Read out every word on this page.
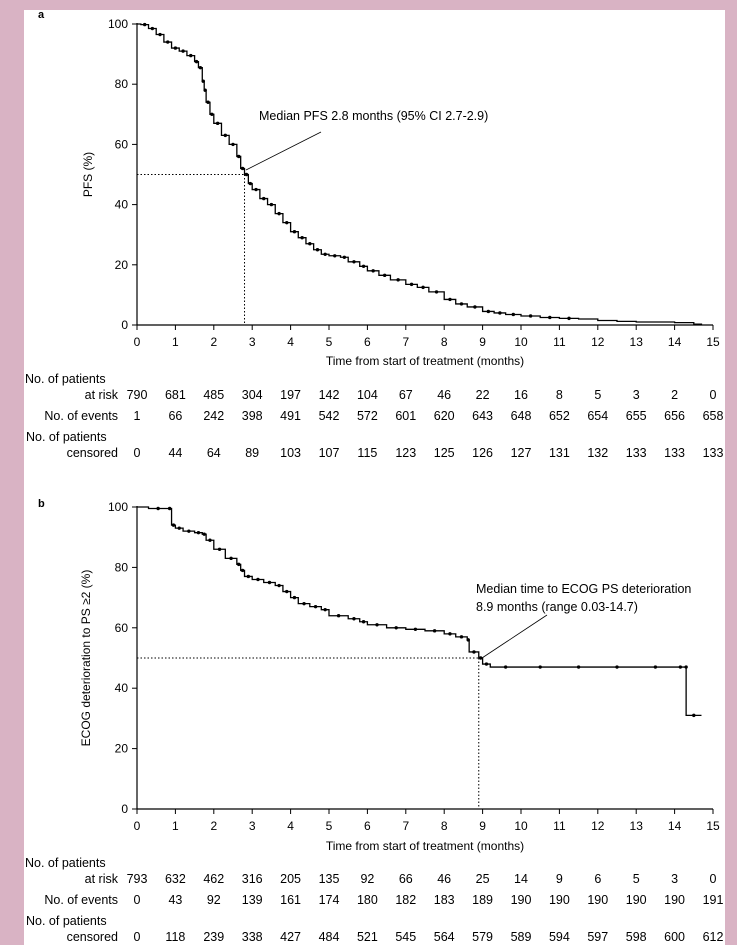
a
0
20
40
60
80
100
0	1	2	3	4	5	6	7	8	9 10 11 12 13 14 15
Time from start of treatment (months)
PFS (%)
Median PFS 2.8 months (95% CI 2.7-2.9)
No. of patients
at risk 790 681 485 304 197 142 104 67 46 22 16 8	5	3	2	0
No. of events 1 66 242 398 491 542 572 601 620 643 648 652 654 655 656 658
No. of patients
censored 0 44 64 89 103 107 115 123 125 126 127 131 132 133 133 133
b
0
20
40
60
80
100
0	1	2	3	4	5	6	7	8	9 10 11 12 13 14 15
Time from start of treatment (months)
ECOG deterioration to PS ≥2 (%)	Median time to ECOG PS deterioration
8.9 months (range 0.03-14.7)
No. of patients
at risk 793 632 462 316 205 135 92 66 46 25 14 9	6	5	3	0
No. of events 0 43 92 139 161 174 180 182 183 189 190 190 190 190 190 191
No. of patients
censored 0 118 239 338 427 484 521 545 564 579 589 594 597 598 600 612
